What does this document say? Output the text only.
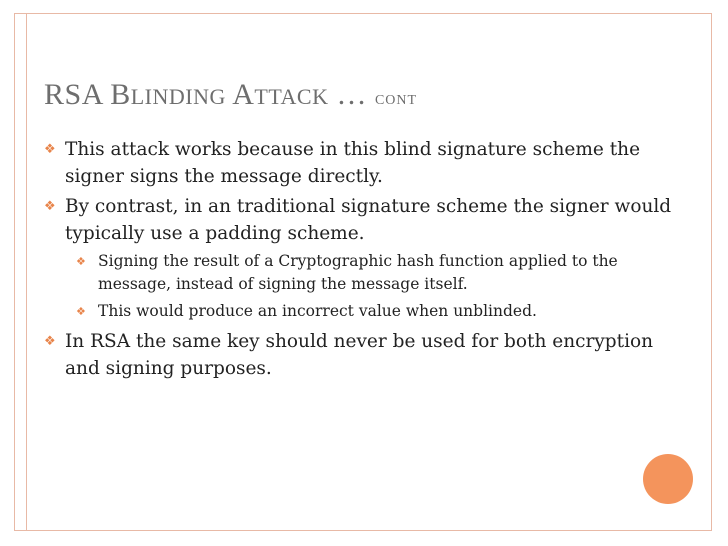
RSA BLINDING ATTACK … CONT
❖ This attack works because in this blind signature scheme the signer signs the message directly.
❖ By contrast, in an traditional signature scheme the signer would typically use a padding scheme.
❖ Signing the result of a Cryptographic hash function applied to the message, instead of signing the message itself.
❖ This would produce an incorrect value when unblinded.
❖ In RSA the same key should never be used for both encryption and signing purposes.
